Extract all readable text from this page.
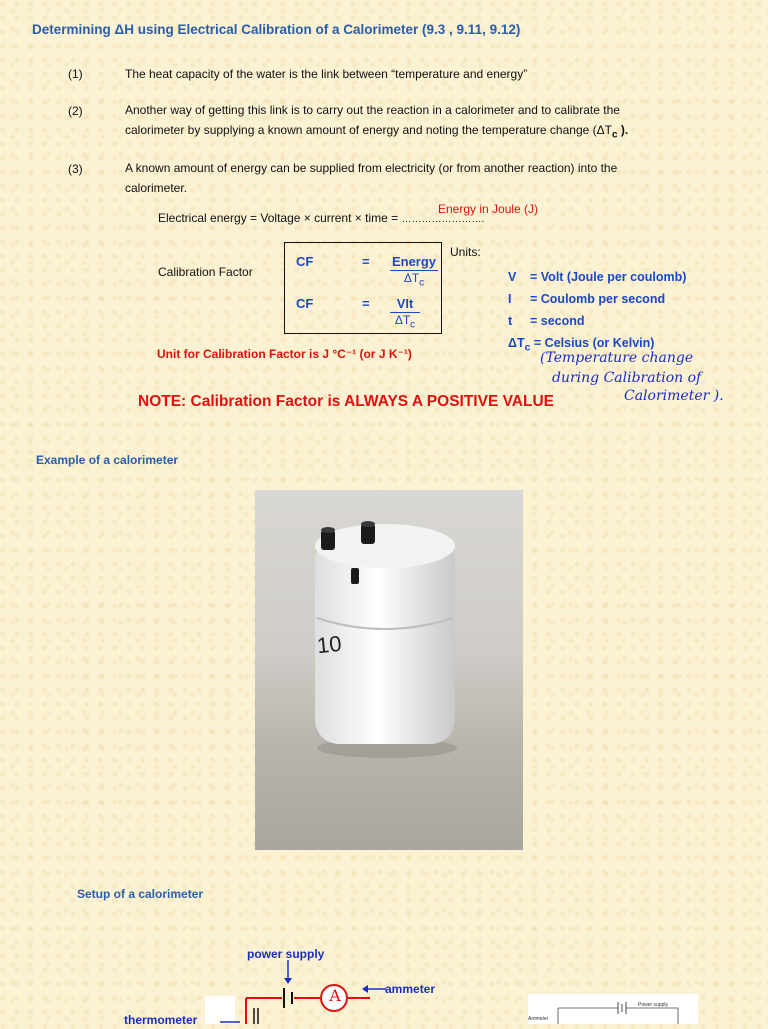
Determining ΔH using Electrical Calibration of a Calorimeter (9.3 , 9.11, 9.12)
(1)	The heat capacity of the water is the link between “temperature and energy”
(2)	Another way of getting this link is to carry out the reaction in a calorimeter and to calibrate the
calorimeter by supplying a known amount of energy and noting the temperature change ($\Delta T_c$ ).
(3)	A known amount of energy can be supplied from electricity (or from another reaction) into the
calorimeter.
Electrical energy = Voltage × current × time = …………………….
Energy in Joule (J)
Calibration Factor
CF	= Energy
$\Delta T_c$
CF	=	VIt
$\Delta T_c$
Units:
V = Volt (Joule per coulomb)
I = Coulomb per second
t = second
$\Delta T_c$ = Celsius (or Kelvin)
(Temperature change
during Calibration of
Calorimeter ).
Unit for Calibration Factor is J °C⁻¹ (or J K⁻¹)
NOTE: Calibration Factor is ALWAYS A POSITIVE VALUE
Example of a calorimeter
10
Setup of a calorimeter
power supply
ammeter
thermometer
A	Power supply
Ammeter
